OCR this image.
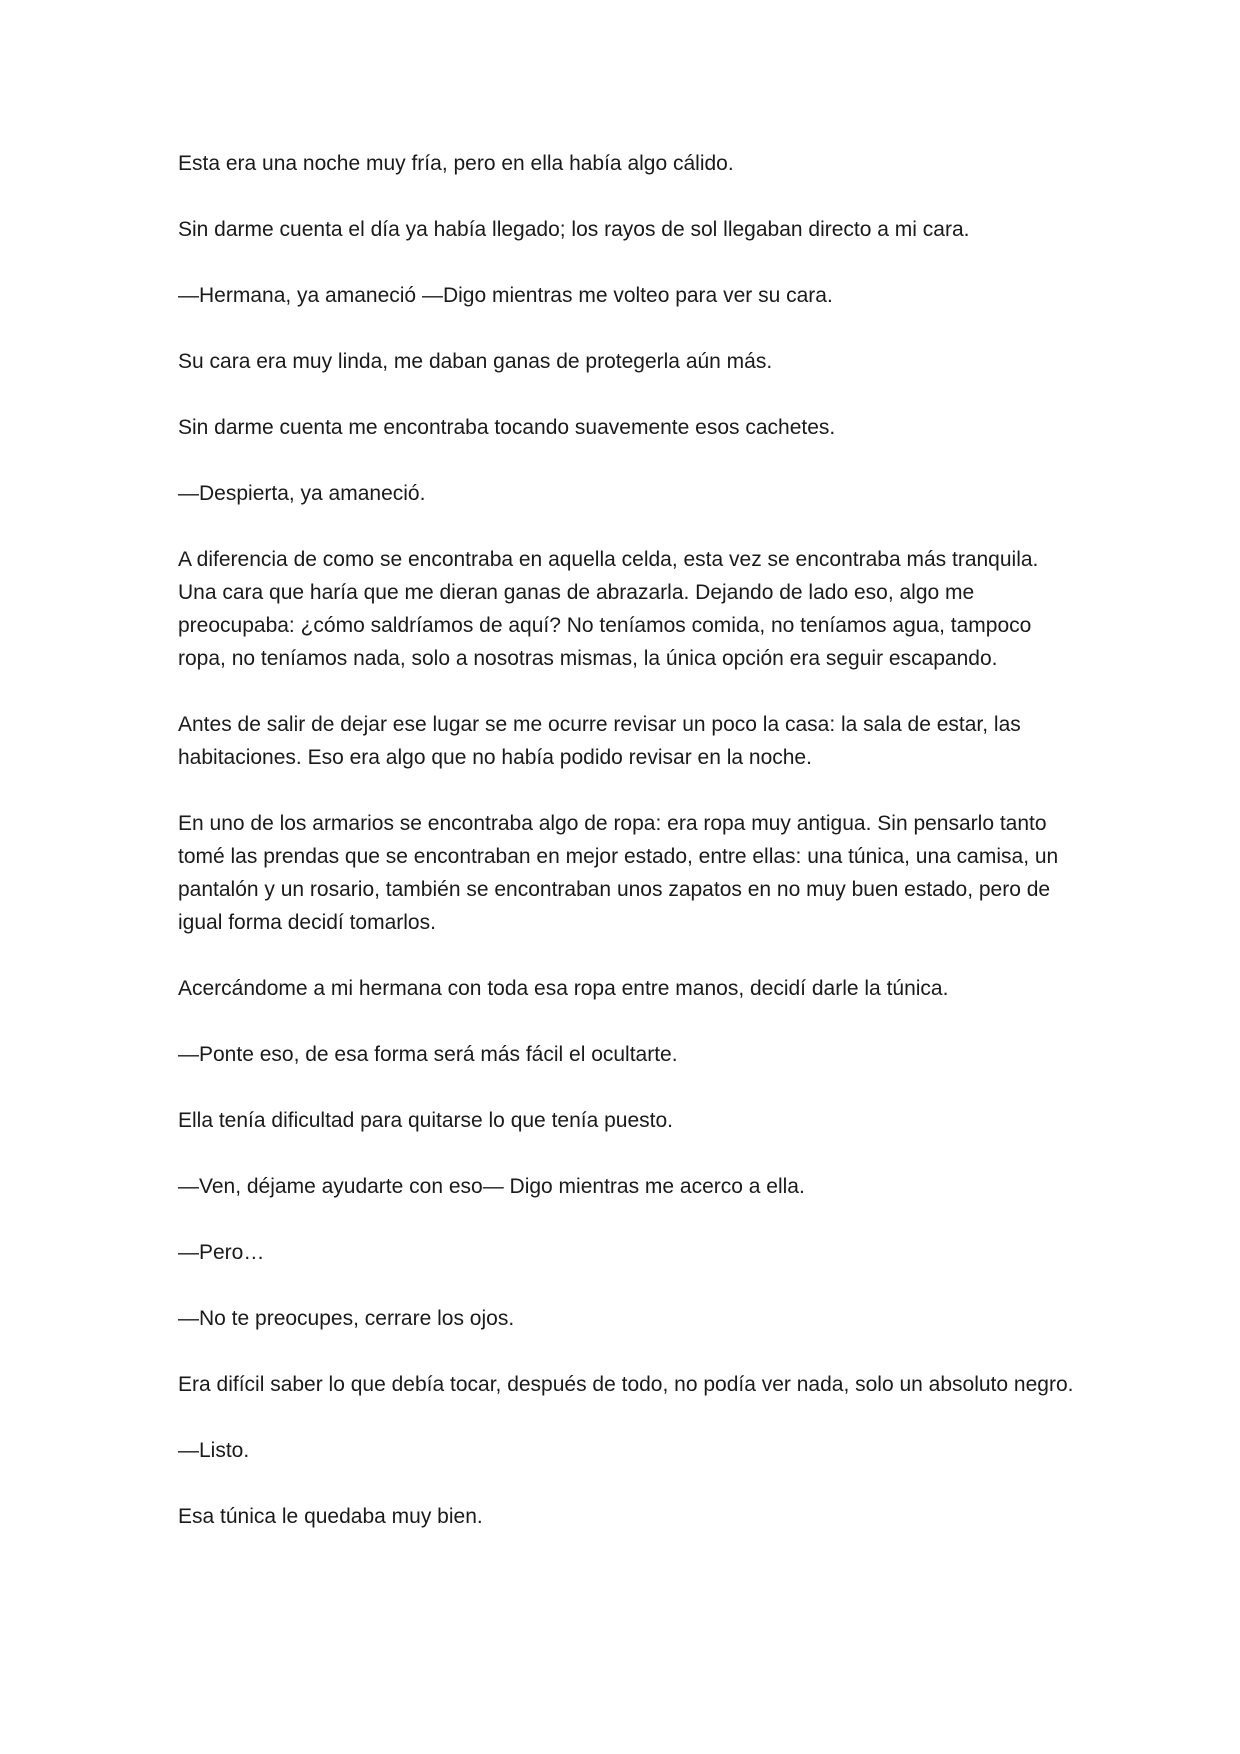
Esta era una noche muy fría, pero en ella había algo cálido.

Sin darme cuenta el día ya había llegado; los rayos de sol llegaban directo a mi cara.

—Hermana, ya amaneció —Digo mientras me volteo para ver su cara.

Su cara era muy linda, me daban ganas de protegerla aún más.

Sin darme cuenta me encontraba tocando suavemente esos cachetes.

—Despierta, ya amaneció.

A diferencia de como se encontraba en aquella celda, esta vez se encontraba más tranquila. Una cara que haría que me dieran ganas de abrazarla. Dejando de lado eso, algo me preocupaba: ¿cómo saldríamos de aquí? No teníamos comida, no teníamos agua, tampoco ropa, no teníamos nada, solo a nosotras mismas, la única opción era seguir escapando.

Antes de salir de dejar ese lugar se me ocurre revisar un poco la casa: la sala de estar, las habitaciones. Eso era algo que no había podido revisar en la noche.

En uno de los armarios se encontraba algo de ropa: era ropa muy antigua. Sin pensarlo tanto tomé las prendas que se encontraban en mejor estado, entre ellas: una túnica, una camisa, un pantalón y un rosario, también se encontraban unos zapatos en no muy buen estado, pero de igual forma decidí tomarlos.

Acercándome a mi hermana con toda esa ropa entre manos, decidí darle la túnica.

—Ponte eso, de esa forma será más fácil el ocultarte.

Ella tenía dificultad para quitarse lo que tenía puesto.

—Ven, déjame ayudarte con eso— Digo mientras me acerco a ella.

—Pero…

—No te preocupes, cerrare los ojos.

Era difícil saber lo que debía tocar, después de todo, no podía ver nada, solo un absoluto negro.

—Listo.

Esa túnica le quedaba muy bien.
